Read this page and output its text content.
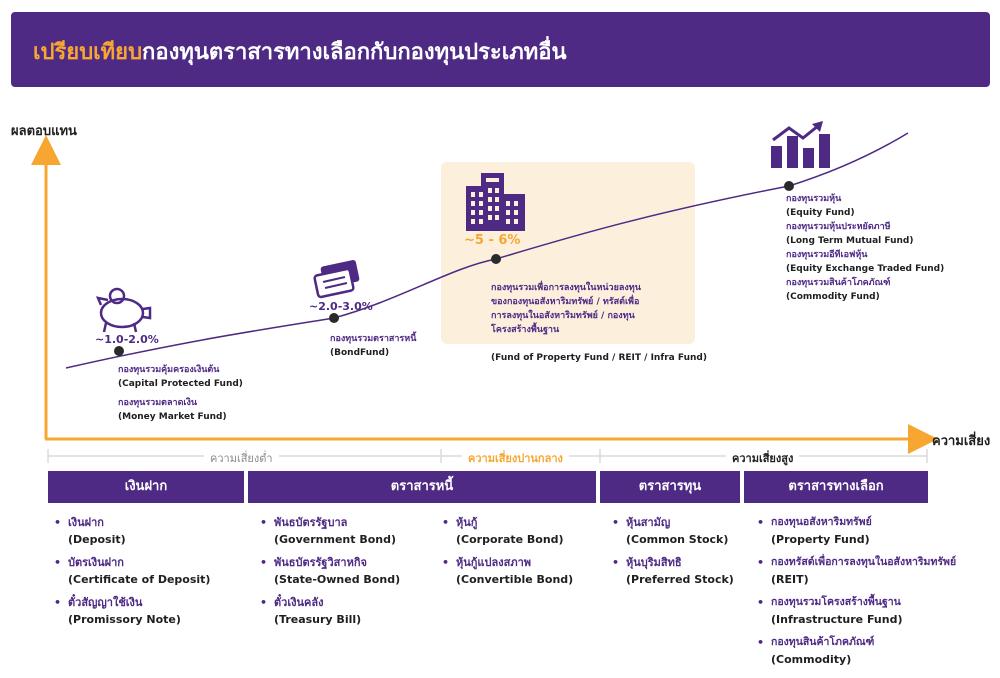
เปรียบเทียบกองทุนตราสารทางเลือกกับกองทุนประเภทอื่น
ผลตอบแทน
ความเสี่ยง
~1.0-2.0%
~2.0-3.0%
~5 - 6%
กองทุนรวมคุ้มครองเงินต้น
(Capital Protected Fund)
กองทุนรวมตลาดเงิน
(Money Market Fund)
กองทุนรวมตราสารหนี้
(BondFund)

กองทุนรวมเพื่อการลงทุนในหน่วยลงทุน
ของกองทุนอสังหาริมทรัพย์ / ทรัสต์เพื่อ
การลงทุนในอสังหาริมทรัพย์ / กองทุน
โครงสร้างพื้นฐาน

(Fund of Property Fund / REIT / Infra Fund)

กองทุนรวมหุ้น
(Equity Fund)
กองทุนรวมหุ้นประหยัดภาษี
(Long Term Mutual Fund)
กองทุนรวมอีทีเอฟหุ้น
(Equity Exchange Traded Fund)
กองทุนรวมสินค้าโภคภัณฑ์
(Commodity Fund)
ความเสี่ยงต่ำ	ความเสี่ยงปานกลาง	ความเสี่ยงสูง
เงินฝาก	ตราสารหนี้	ตราสารทุน	ตราสารทางเลือก
• เงินฝาก
(Deposit)
• บัตรเงินฝาก
(Certificate of Deposit)
• ตั๋วสัญญาใช้เงิน
(Promissory Note)
• พันธบัตรรัฐบาล
(Government Bond)
• พันธบัตรรัฐวิสาหกิจ
(State-Owned Bond)
• ตั๋วเงินคลัง
(Treasury Bill)
• หุ้นกู้
(Corporate Bond)
• หุ้นกู้แปลงสภาพ
(Convertible Bond)
• หุ้นสามัญ
(Common Stock)
• หุ้นบุริมสิทธิ
(Preferred Stock)
• กองทุนอสังหาริมทรัพย์
(Property Fund)
• กองทรัสต์เพื่อการลงทุนในอสังหาริมทรัพย์
(REIT)
• กองทุนรวมโครงสร้างพื้นฐาน
(Infrastructure Fund)
• กองทุนสินค้าโภคภัณฑ์
(Commodity)
